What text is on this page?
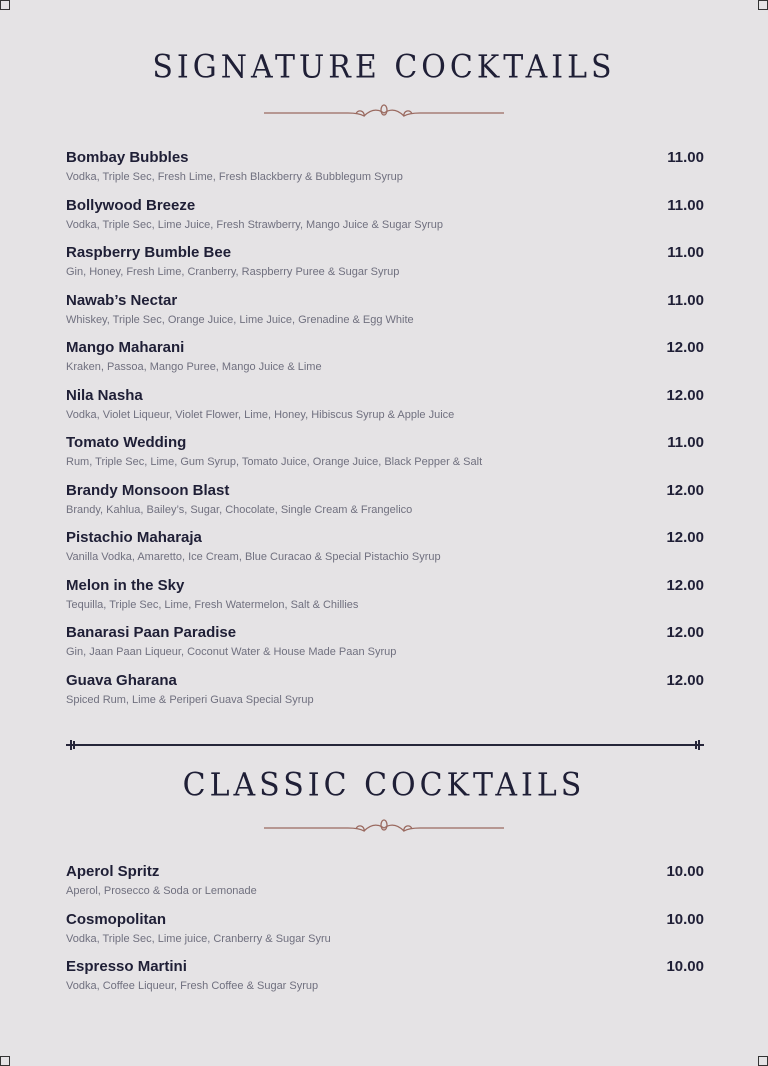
SIGNATURE COCKTAILS
Bombay Bubbles	11.00
Vodka, Triple Sec, Fresh Lime, Fresh Blackberry & Bubblegum Syrup
Bollywood Breeze	11.00
Vodka, Triple Sec, Lime Juice, Fresh Strawberry, Mango Juice & Sugar Syrup
Raspberry Bumble Bee	11.00
Gin, Honey, Fresh Lime, Cranberry, Raspberry Puree & Sugar Syrup
Nawab’s Nectar	11.00
Whiskey, Triple Sec, Orange Juice, Lime Juice, Grenadine & Egg White
Mango Maharani	12.00
Kraken, Passoa, Mango Puree, Mango Juice & Lime
Nila Nasha	12.00
Vodka, Violet Liqueur, Violet Flower, Lime, Honey, Hibiscus Syrup & Apple Juice
Tomato Wedding	11.00
Rum, Triple Sec, Lime, Gum Syrup, Tomato Juice, Orange Juice, Black Pepper & Salt
Brandy Monsoon Blast	12.00
Brandy, Kahlua, Bailey’s, Sugar, Chocolate, Single Cream & Frangelico
Pistachio Maharaja	12.00
Vanilla Vodka, Amaretto, Ice Cream, Blue Curacao & Special Pistachio Syrup
Melon in the Sky	12.00
Tequilla, Triple Sec, Lime, Fresh Watermelon, Salt & Chillies
Banarasi Paan Paradise	12.00
Gin, Jaan Paan Liqueur, Coconut Water & House Made Paan Syrup
Guava Gharana	12.00
Spiced Rum, Lime & Periperi Guava Special Syrup
CLASSIC COCKTAILS
Aperol Spritz	10.00
Aperol, Prosecco & Soda or Lemonade
Cosmopolitan	10.00
Vodka, Triple Sec, Lime juice, Cranberry & Sugar Syru
Espresso Martini	10.00
Vodka, Coffee Liqueur, Fresh Coffee & Sugar Syrup
